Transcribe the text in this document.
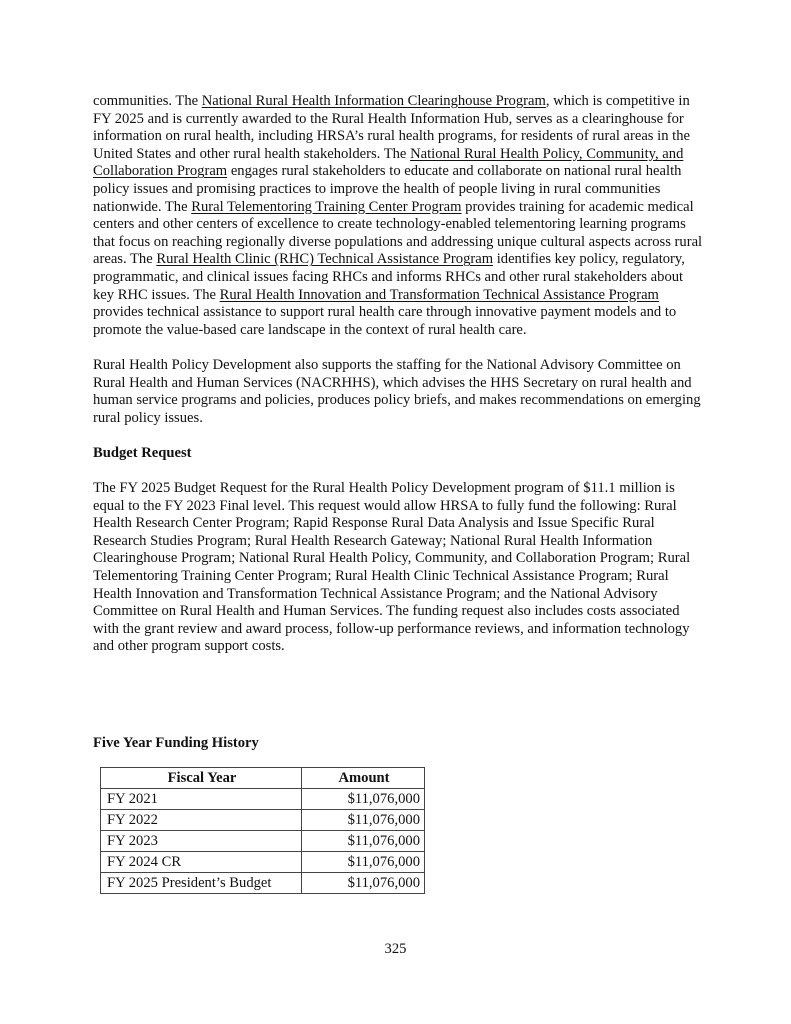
communities. The National Rural Health Information Clearinghouse Program, which is competitive in FY 2025 and is currently awarded to the Rural Health Information Hub, serves as a clearinghouse for information on rural health, including HRSA’s rural health programs, for residents of rural areas in the United States and other rural health stakeholders. The National Rural Health Policy, Community, and Collaboration Program engages rural stakeholders to educate and collaborate on national rural health policy issues and promising practices to improve the health of people living in rural communities nationwide. The Rural Telementoring Training Center Program provides training for academic medical centers and other centers of excellence to create technology-enabled telementoring learning programs that focus on reaching regionally diverse populations and addressing unique cultural aspects across rural areas. The Rural Health Clinic (RHC) Technical Assistance Program identifies key policy, regulatory, programmatic, and clinical issues facing RHCs and informs RHCs and other rural stakeholders about key RHC issues. The Rural Health Innovation and Transformation Technical Assistance Program provides technical assistance to support rural health care through innovative payment models and to promote the value-based care landscape in the context of rural health care.

Rural Health Policy Development also supports the staffing for the National Advisory Committee on Rural Health and Human Services (NACRHHS), which advises the HHS Secretary on rural health and human service programs and policies, produces policy briefs, and makes recommendations on emerging rural policy issues.

Budget Request

The FY 2025 Budget Request for the Rural Health Policy Development program of $11.1 million is equal to the FY 2023 Final level. This request would allow HRSA to fully fund the following: Rural Health Research Center Program; Rapid Response Rural Data Analysis and Issue Specific Rural Research Studies Program; Rural Health Research Gateway; National Rural Health Information Clearinghouse Program; National Rural Health Policy, Community, and Collaboration Program; Rural Telementoring Training Center Program; Rural Health Clinic Technical Assistance Program; Rural Health Innovation and Transformation Technical Assistance Program; and the National Advisory Committee on Rural Health and Human Services. The funding request also includes costs associated with the grant review and award process, follow-up performance reviews, and information technology and other program support costs.

Five Year Funding History
Fiscal Year	Amount
FY 2021	$11,076,000
FY 2022	$11,076,000
FY 2023	$11,076,000
FY 2024 CR	$11,076,000
FY 2025 President’s Budget	$11,076,000
325
